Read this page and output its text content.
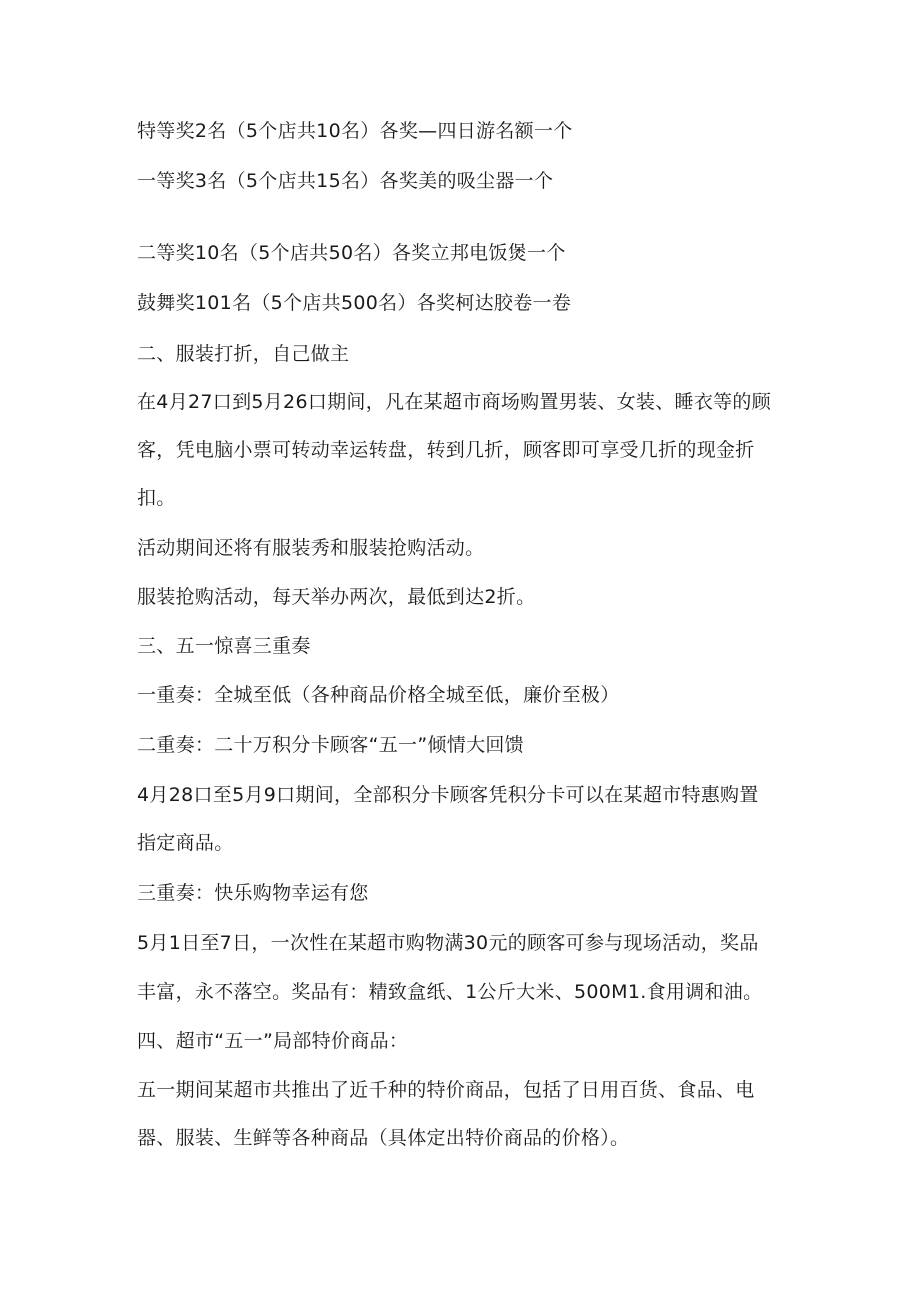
特等奖2名（5个店共10名）各奖—四日游名额一个

一等奖3名（5个店共15名）各奖美的吸尘器一个

二等奖10名（5个店共50名）各奖立邦电饭煲一个

鼓舞奖101名（5个店共500名）各奖柯达胶卷一卷

二、服装打折，自己做主

在4月27口到5月26口期间，凡在某超市商场购置男装、女装、睡衣等的顾

客，凭电脑小票可转动幸运转盘，转到几折，顾客即可享受几折的现金折

扣。

活动期间还将有服装秀和服装抢购活动。

服装抢购活动，每天举办两次，最低到达2折。

三、五一惊喜三重奏

一重奏：全城至低（各种商品价格全城至低，廉价至极）

二重奏：二十万积分卡顾客“五一”倾情大回馈

4月28口至5月9口期间，全部积分卡顾客凭积分卡可以在某超市特惠购置

指定商品。

三重奏：快乐购物幸运有您

5月1日至7日，一次性在某超市购物满30元的顾客可参与现场活动，奖品

丰富，永不落空。奖品有：精致盒纸、1公斤大米、500M1.食用调和油。

四、超市“五一”局部特价商品：

五一期间某超市共推出了近千种的特价商品，包括了日用百货、食品、电

器、服装、生鲜等各种商品（具体定出特价商品的价格）。
